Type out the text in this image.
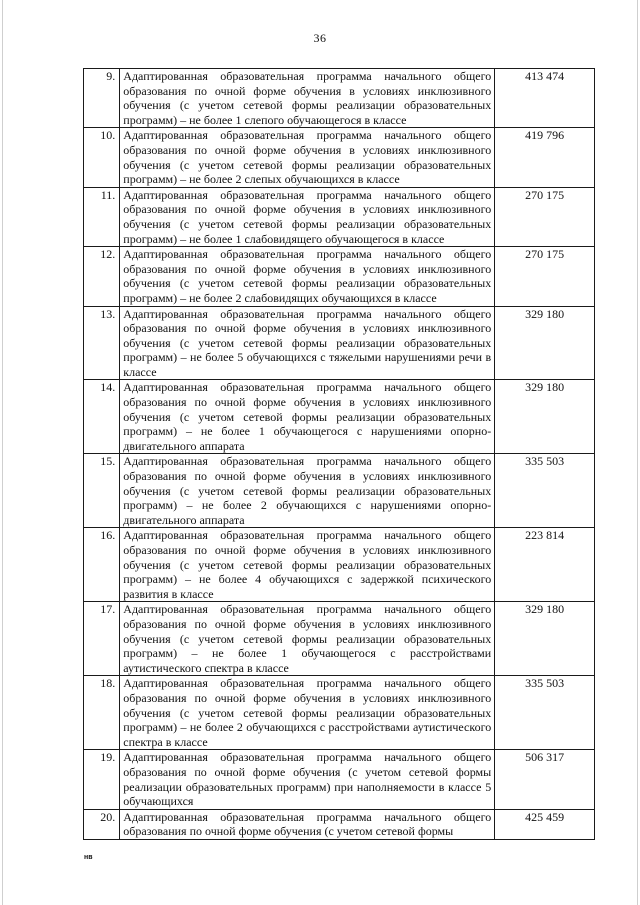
36
9.	Адаптированная образовательная программа начального общего образования по очной форме обучения в условиях инклюзивного обучения (с учетом сетевой формы реализации образовательных программ) – не более 1 слепого обучающегося в классе	413 474
10.	Адаптированная образовательная программа начального общего образования по очной форме обучения в условиях инклюзивного обучения (с учетом сетевой формы реализации образовательных программ) – не более 2 слепых обучающихся в классе	419 796
11.	Адаптированная образовательная программа начального общего образования по очной форме обучения в условиях инклюзивного обучения (с учетом сетевой формы реализации образовательных программ) – не более 1 слабовидящего обучающегося в классе	270 175
12.	Адаптированная образовательная программа начального общего образования по очной форме обучения в условиях инклюзивного обучения (с учетом сетевой формы реализации образовательных программ) – не более 2 слабовидящих обучающихся в классе	270 175
13.	Адаптированная образовательная программа начального общего образования по очной форме обучения в условиях инклюзивного обучения (с учетом сетевой формы реализации образовательных программ) – не более 5 обучающихся с тяжелыми нарушениями речи в классе	329 180
14.	Адаптированная образовательная программа начального общего образования по очной форме обучения в условиях инклюзивного обучения (с учетом сетевой формы реализации образовательных программ) – не более 1 обучающегося с нарушениями опорно-двигательного аппарата	329 180
15.	Адаптированная образовательная программа начального общего образования по очной форме обучения в условиях инклюзивного обучения (с учетом сетевой формы реализации образовательных программ) – не более 2 обучающихся с нарушениями опорно-двигательного аппарата	335 503
16.	Адаптированная образовательная программа начального общего образования по очной форме обучения в условиях инклюзивного обучения (с учетом сетевой формы реализации образовательных программ) – не более 4 обучающихся с задержкой психического развития в классе	223 814
17.	Адаптированная образовательная программа начального общего образования по очной форме обучения в условиях инклюзивного обучения (с учетом сетевой формы реализации образовательных программ) – не более 1 обучающегося с расстройствами аутистического спектра в классе	329 180
18.	Адаптированная образовательная программа начального общего образования по очной форме обучения в условиях инклюзивного обучения (с учетом сетевой формы реализации образовательных программ) – не более 2 обучающихся с расстройствами аутистического спектра в классе	335 503
19.	Адаптированная образовательная программа начального общего образования по очной форме обучения (с учетом сетевой формы реализации образовательных программ) при наполняемости в классе 5 обучающихся	506 317
20.	Адаптированная образовательная программа начального общего образования по очной форме обучения (с учетом сетевой формы	425 459
нв
